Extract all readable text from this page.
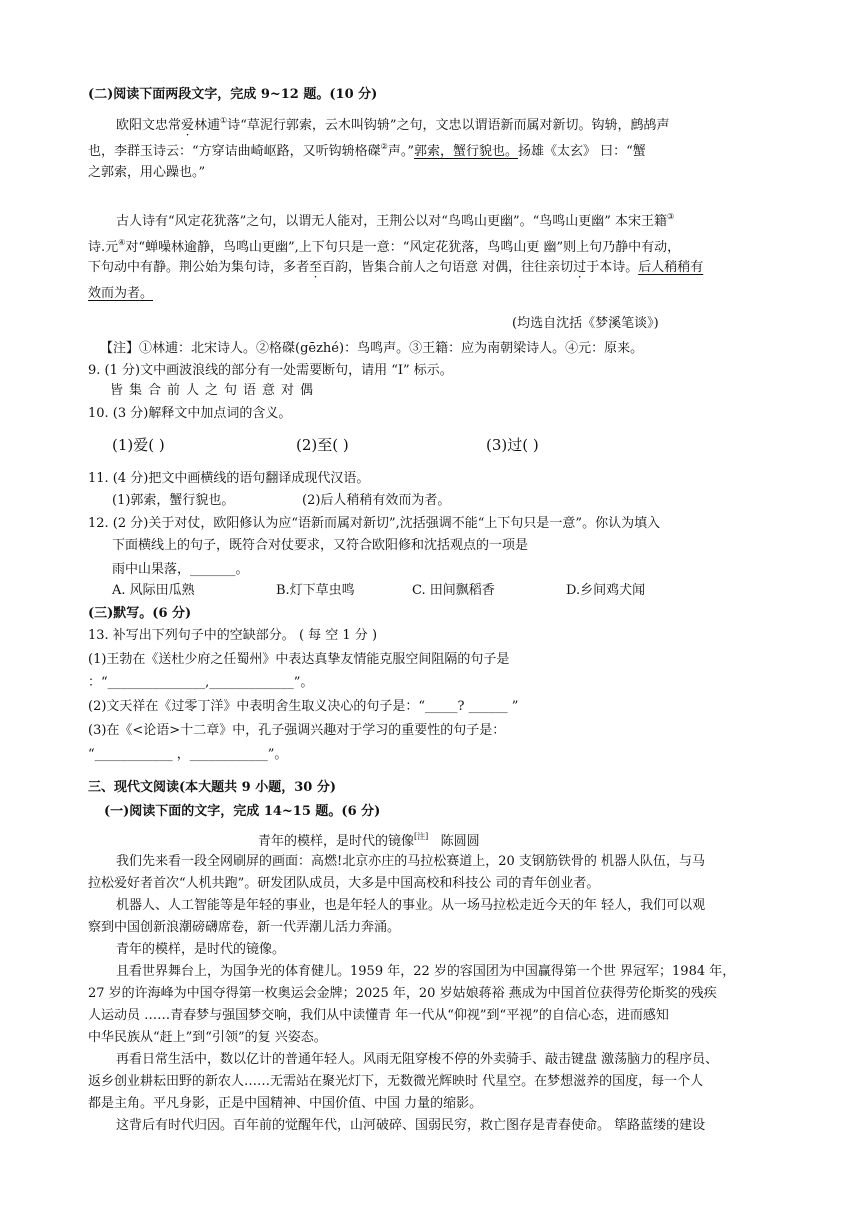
(二)阅读下面两段文字，完成 9~12 题。(10 分)
欧阳文忠常爱林逋①诗“草泥行郭索，云木叫钩辀”之句，文忠以谓语新而属对新切。钩辀，鹧鸪声
也，李群玉诗云：“方穿诘曲崎岖路，又听钩辀格磔②声。”郭索，蟹行貌也。扬雄《太玄》 曰：“蟹
之郭索，用心躁也。”
古人诗有“风定花犹落”之句，以谓无人能对，王荆公以对“鸟鸣山更幽”。“鸟鸣山更幽” 本宋王籍③
诗.元④对“蝉噪林逾静，鸟鸣山更幽”,上下句只是一意：“风定花犹落，鸟鸣山更 幽”则上句乃静中有动，
下句动中有静。荆公始为集句诗，多者至百韵，皆集合前人之句语意 对偶，往往亲切过于本诗。后人稍稍有
效而为者。
(均选自沈括《梦溪笔谈》)
【注】①林逋：北宋诗人。②格磔(gēzhé)：鸟鸣声。③王籍：应为南朝梁诗人。④元：原来。
9. (1 分)文中画波浪线的部分有一处需要断句，请用 “I” 标示。
皆集合前人之句语意对偶
10. (3 分)解释文中加点词的含义。
(1)爱( )	(2)至( )	(3)过( )
11. (4 分)把文中画横线的语句翻译成现代汉语。
(1)郭索，蟹行貌也。	(2)后人稍稍有效而为者。
12. (2 分)关于对仗，欧阳修认为应“语新而属对新切”,沈括强调不能“上下句只是一意”。你认为填入
下面横线上的句子，既符合对仗要求，又符合欧阳修和沈括观点的一项是
雨中山果落，_______。
A. 风际田瓜熟	B.灯下草虫鸣	C. 田间飘稻香	D.乡间鸡犬闻
(三)默写。(6 分)
13. 补写出下列句子中的空缺部分。 ( 每 空 1 分 )
(1)王勃在《送杜少府之任蜀州》中表达真挚友情能克服空间阻隔的句子是
：“_______________,_____________”。
(2)文天祥在《过零丁洋》中表明舍生取义决心的句子是：“_____? ______ ”
(3)在《<论语>十二章》中，孔子强调兴趣对于学习的重要性的句子是：
“____________ ，____________”。
三、现代文阅读(本大题共 9 小题，30 分)
(一)阅读下面的文字，完成 14~15 题。(6 分)
青年的模样，是时代的镜像[注] 陈圆圆
我们先来看一段全网刷屏的画面：高燃!北京亦庄的马拉松赛道上，20 支钢筋铁骨的 机器人队伍，与马
拉松爱好者首次“人机共跑”。研发团队成员，大多是中国高校和科技公 司的青年创业者。
机器人、人工智能等是年轻的事业，也是年轻人的事业。从一场马拉松走近今天的年 轻人，我们可以观
察到中国创新浪潮磅礴席卷，新一代弄潮儿活力奔涌。
青年的模样，是时代的镜像。
且看世界舞台上，为国争光的体育健儿。1959 年，22 岁的容国团为中国赢得第一个世 界冠军；1984 年，
27 岁的许海峰为中国夺得第一枚奥运会金牌；2025 年，20 岁姑娘蒋裕 燕成为中国首位获得劳伦斯奖的残疾
人运动员 ……青春梦与强国梦交响，我们从中读懂青 年一代从“仰视”到“平视”的自信心态，进而感知
中华民族从“赶上”到“引领”的复 兴姿态。
再看日常生活中，数以亿计的普通年轻人。风雨无阻穿梭不停的外卖骑手、敲击键盘 激荡脑力的程序员、
返乡创业耕耘田野的新农人……无需站在聚光灯下，无数微光辉映时 代星空。在梦想滋养的国度，每一个人
都是主角。平凡身影，正是中国精神、中国价值、中国 力量的缩影。
这背后有时代归因。百年前的觉醒年代，山河破碎、国弱民穷，救亡图存是青春使命。 筚路蓝缕的建设
